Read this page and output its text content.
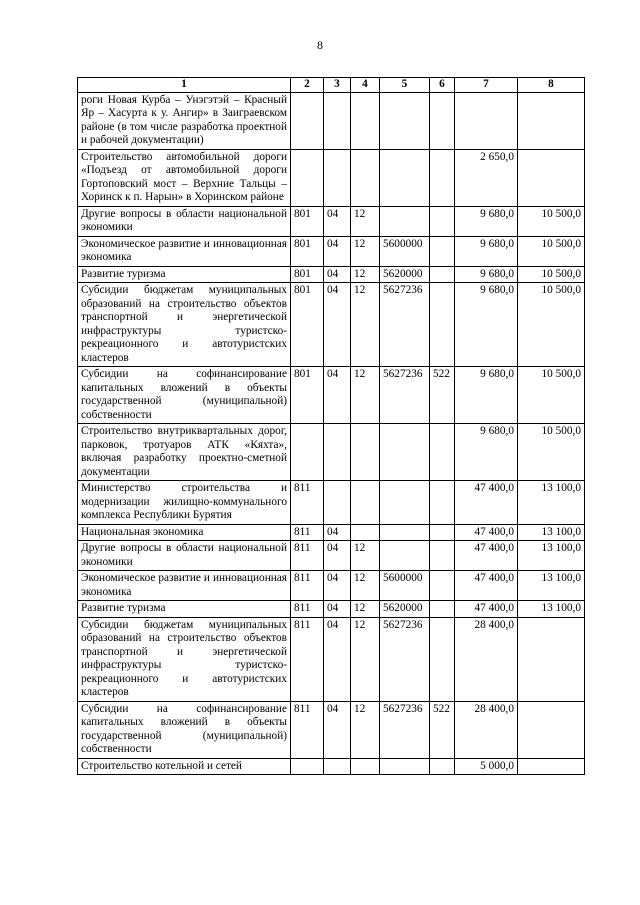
8
1	2	3	4	5	6	7	8
роги Новая Курба – Унэгэтэй – Красный Яр – Хасурта к у. Ангир» в Заиграевском районе (в том числе разработка проектной и рабочей документации)							
Строительство автомобильной дороги «Подъезд от автомобильной дороги Гортоповский мост – Верхние Тальцы – Хоринск к п. Нарын» в Хоринском районе						2 650,0	
Другие вопросы в области национальной экономики	801	04	12			9 680,0	10 500,0
Экономическое развитие и инновационная экономика	801	04	12	5600000		9 680,0	10 500,0
Развитие туризма	801	04	12	5620000		9 680,0	10 500,0
Субсидии бюджетам муниципальных образований на строительство объектов транспортной и энергетической инфраструктуры туристско-рекреационного и автотуристских кластеров	801	04	12	5627236		9 680,0	10 500,0
Субсидии на софинансирование капитальных вложений в объекты государственной (муниципальной) собственности	801	04	12	5627236	522	9 680,0	10 500,0
Строительство внутриквартальных дорог, парковок, тротуаров АТК «Кяхта», включая разработку проектно-сметной документации						9 680,0	10 500,0
Министерство строительства и модернизации жилищно-коммунального комплекса Республики Бурятия	811					47 400,0	13 100,0
Национальная экономика	811	04				47 400,0	13 100,0
Другие вопросы в области национальной экономики	811	04	12			47 400,0	13 100,0
Экономическое развитие и инновационная экономика	811	04	12	5600000		47 400,0	13 100,0
Развитие туризма	811	04	12	5620000		47 400,0	13 100,0
Субсидии бюджетам муниципальных образований на строительство объектов транспортной и энергетической инфраструктуры туристско-рекреационного и автотуристских кластеров	811	04	12	5627236		28 400,0	
Субсидии на софинансирование капитальных вложений в объекты государственной (муниципальной) собственности	811	04	12	5627236	522	28 400,0	
Строительство котельной и сетей						5 000,0	
